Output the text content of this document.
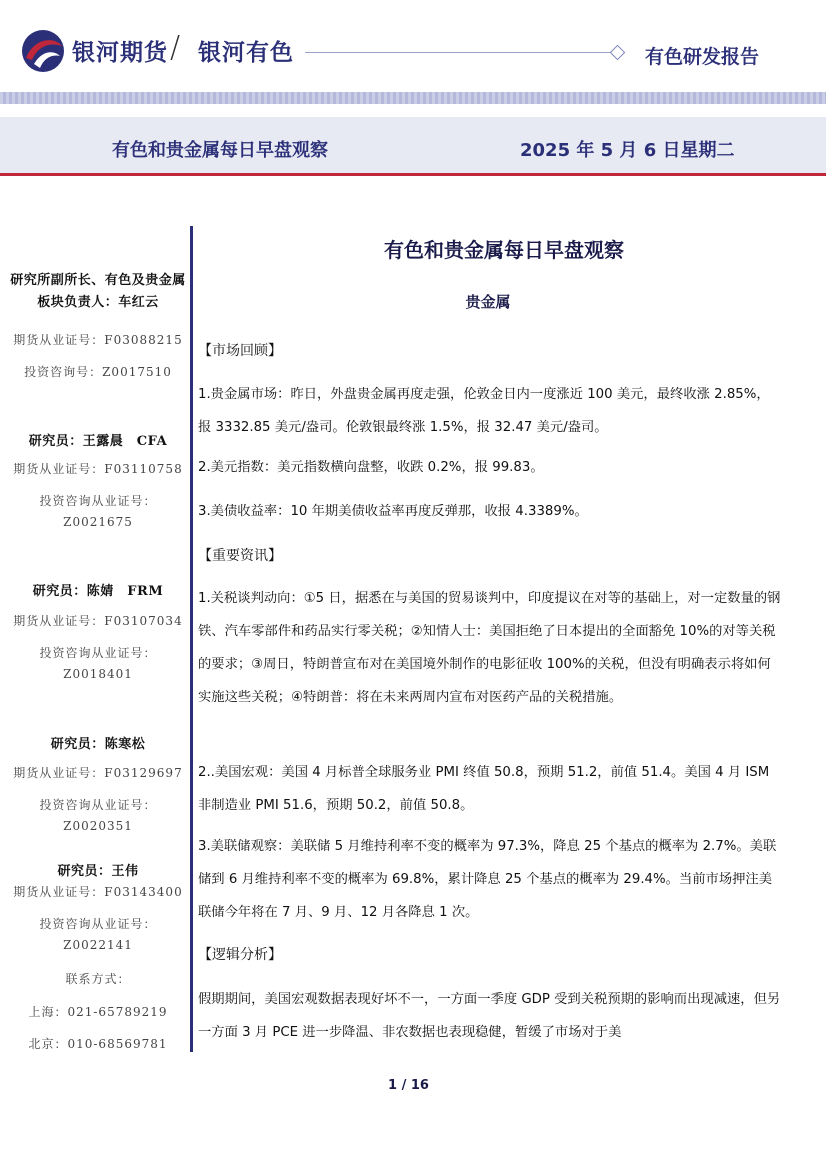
银河期货 / 银河有色	有色研发报告
有色和贵金属每日早盘观察	2025 年 5 月 6 日星期二
研究所副所长、有色及贵金属板块负责人：车红云
期货从业证号：F03088215
投资咨询号：Z0017510
研究员：王露晨　CFA
期货从业证号：F03110758
投资咨询从业证号：
Z0021675
研究员：陈婧　FRM
期货从业证号：F03107034
投资咨询从业证号：
Z0018401
研究员：陈寒松
期货从业证号：F03129697
投资咨询从业证号：
Z0020351
研究员：王伟
期货从业证号：F03143400
投资咨询从业证号：
Z0022141
联系方式：
上海：021-65789219
北京：010-68569781
有色和贵金属每日早盘观察
贵金属
【市场回顾】
1.贵金属市场：昨日，外盘贵金属再度走强，伦敦金日内一度涨近 100 美元，最终收涨 2.85%，报 3332.85 美元/盎司。伦敦银最终涨 1.5%，报 32.47 美元/盎司。
2.美元指数：美元指数横向盘整，收跌 0.2%，报 99.83。
3.美债收益率：10 年期美债收益率再度反弹那，收报 4.3389%。
【重要资讯】
1.关税谈判动向：①5 日，据悉在与美国的贸易谈判中，印度提议在对等的基础上，对一定数量的钢铁、汽车零部件和药品实行零关税；②知情人士：美国拒绝了日本提出的全面豁免 10%的对等关税的要求；③周日，特朗普宣布对在美国境外制作的电影征收 100%的关税，但没有明确表示将如何实施这些关税；④特朗普：将在未来两周内宣布对医药产品的关税措施。
2..美国宏观：美国 4 月标普全球服务业 PMI 终值 50.8，预期 51.2，前值 51.4。美国 4 月 ISM 非制造业 PMI 51.6，预期 50.2，前值 50.8。
3.美联储观察：美联储 5 月维持利率不变的概率为 97.3%，降息 25 个基点的概率为 2.7%。美联储到 6 月维持利率不变的概率为 69.8%，累计降息 25 个基点的概率为 29.4%。当前市场押注美联储今年将在 7 月、9 月、12 月各降息 1 次。
【逻辑分析】
假期期间，美国宏观数据表现好坏不一，一方面一季度 GDP 受到关税预期的影响而出现减速，但另一方面 3 月 PCE 进一步降温、非农数据也表现稳健，暂缓了市场对于美
1 / 16
